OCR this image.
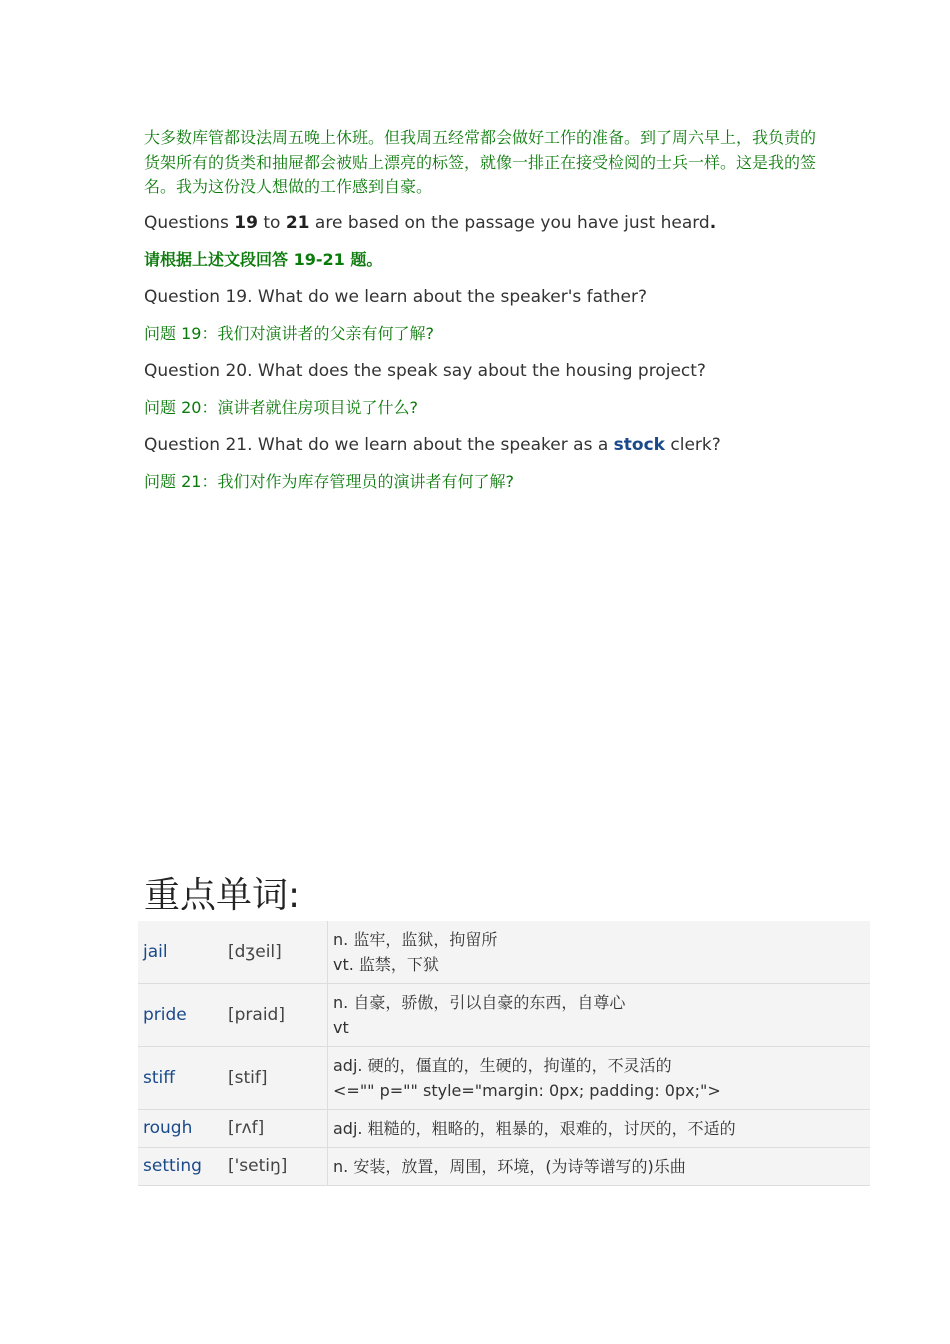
大多数库管都设法周五晚上休班。但我周五经常都会做好工作的准备。到了周六早上，我负责的货架所有的货类和抽屉都会被贴上漂亮的标签，就像一排正在接受检阅的士兵一样。这是我的签名。我为这份没人想做的工作感到自豪。

Questions 19 to 21 are based on the passage you have just heard.

请根据上述文段回答 19-21 题。

Question 19. What do we learn about the speaker's father?

问题 19：我们对演讲者的父亲有何了解?

Question 20. What does the speak say about the housing project?

问题 20：演讲者就住房项目说了什么?

Question 21. What do we learn about the speaker as a stock clerk?

问题 21：我们对作为库存管理员的演讲者有何了解?

重点单词:
jail	[dʒeil]		n. 监牢，监狱，拘留所
vt. 监禁，下狱

pride	[praid]		n. 自豪，骄傲，引以自豪的东西，自尊心
vt

stiff	[stif]		adj. 硬的，僵直的，生硬的，拘谨的，不灵活的
<="" p="" style="margin: 0px; padding: 0px;">

rough	[rʌf]		adj. 粗糙的，粗略的，粗暴的，艰难的，讨厌的，不适的

setting	['setiŋ]		n. 安装，放置，周围，环境，(为诗等谱写的)乐曲
